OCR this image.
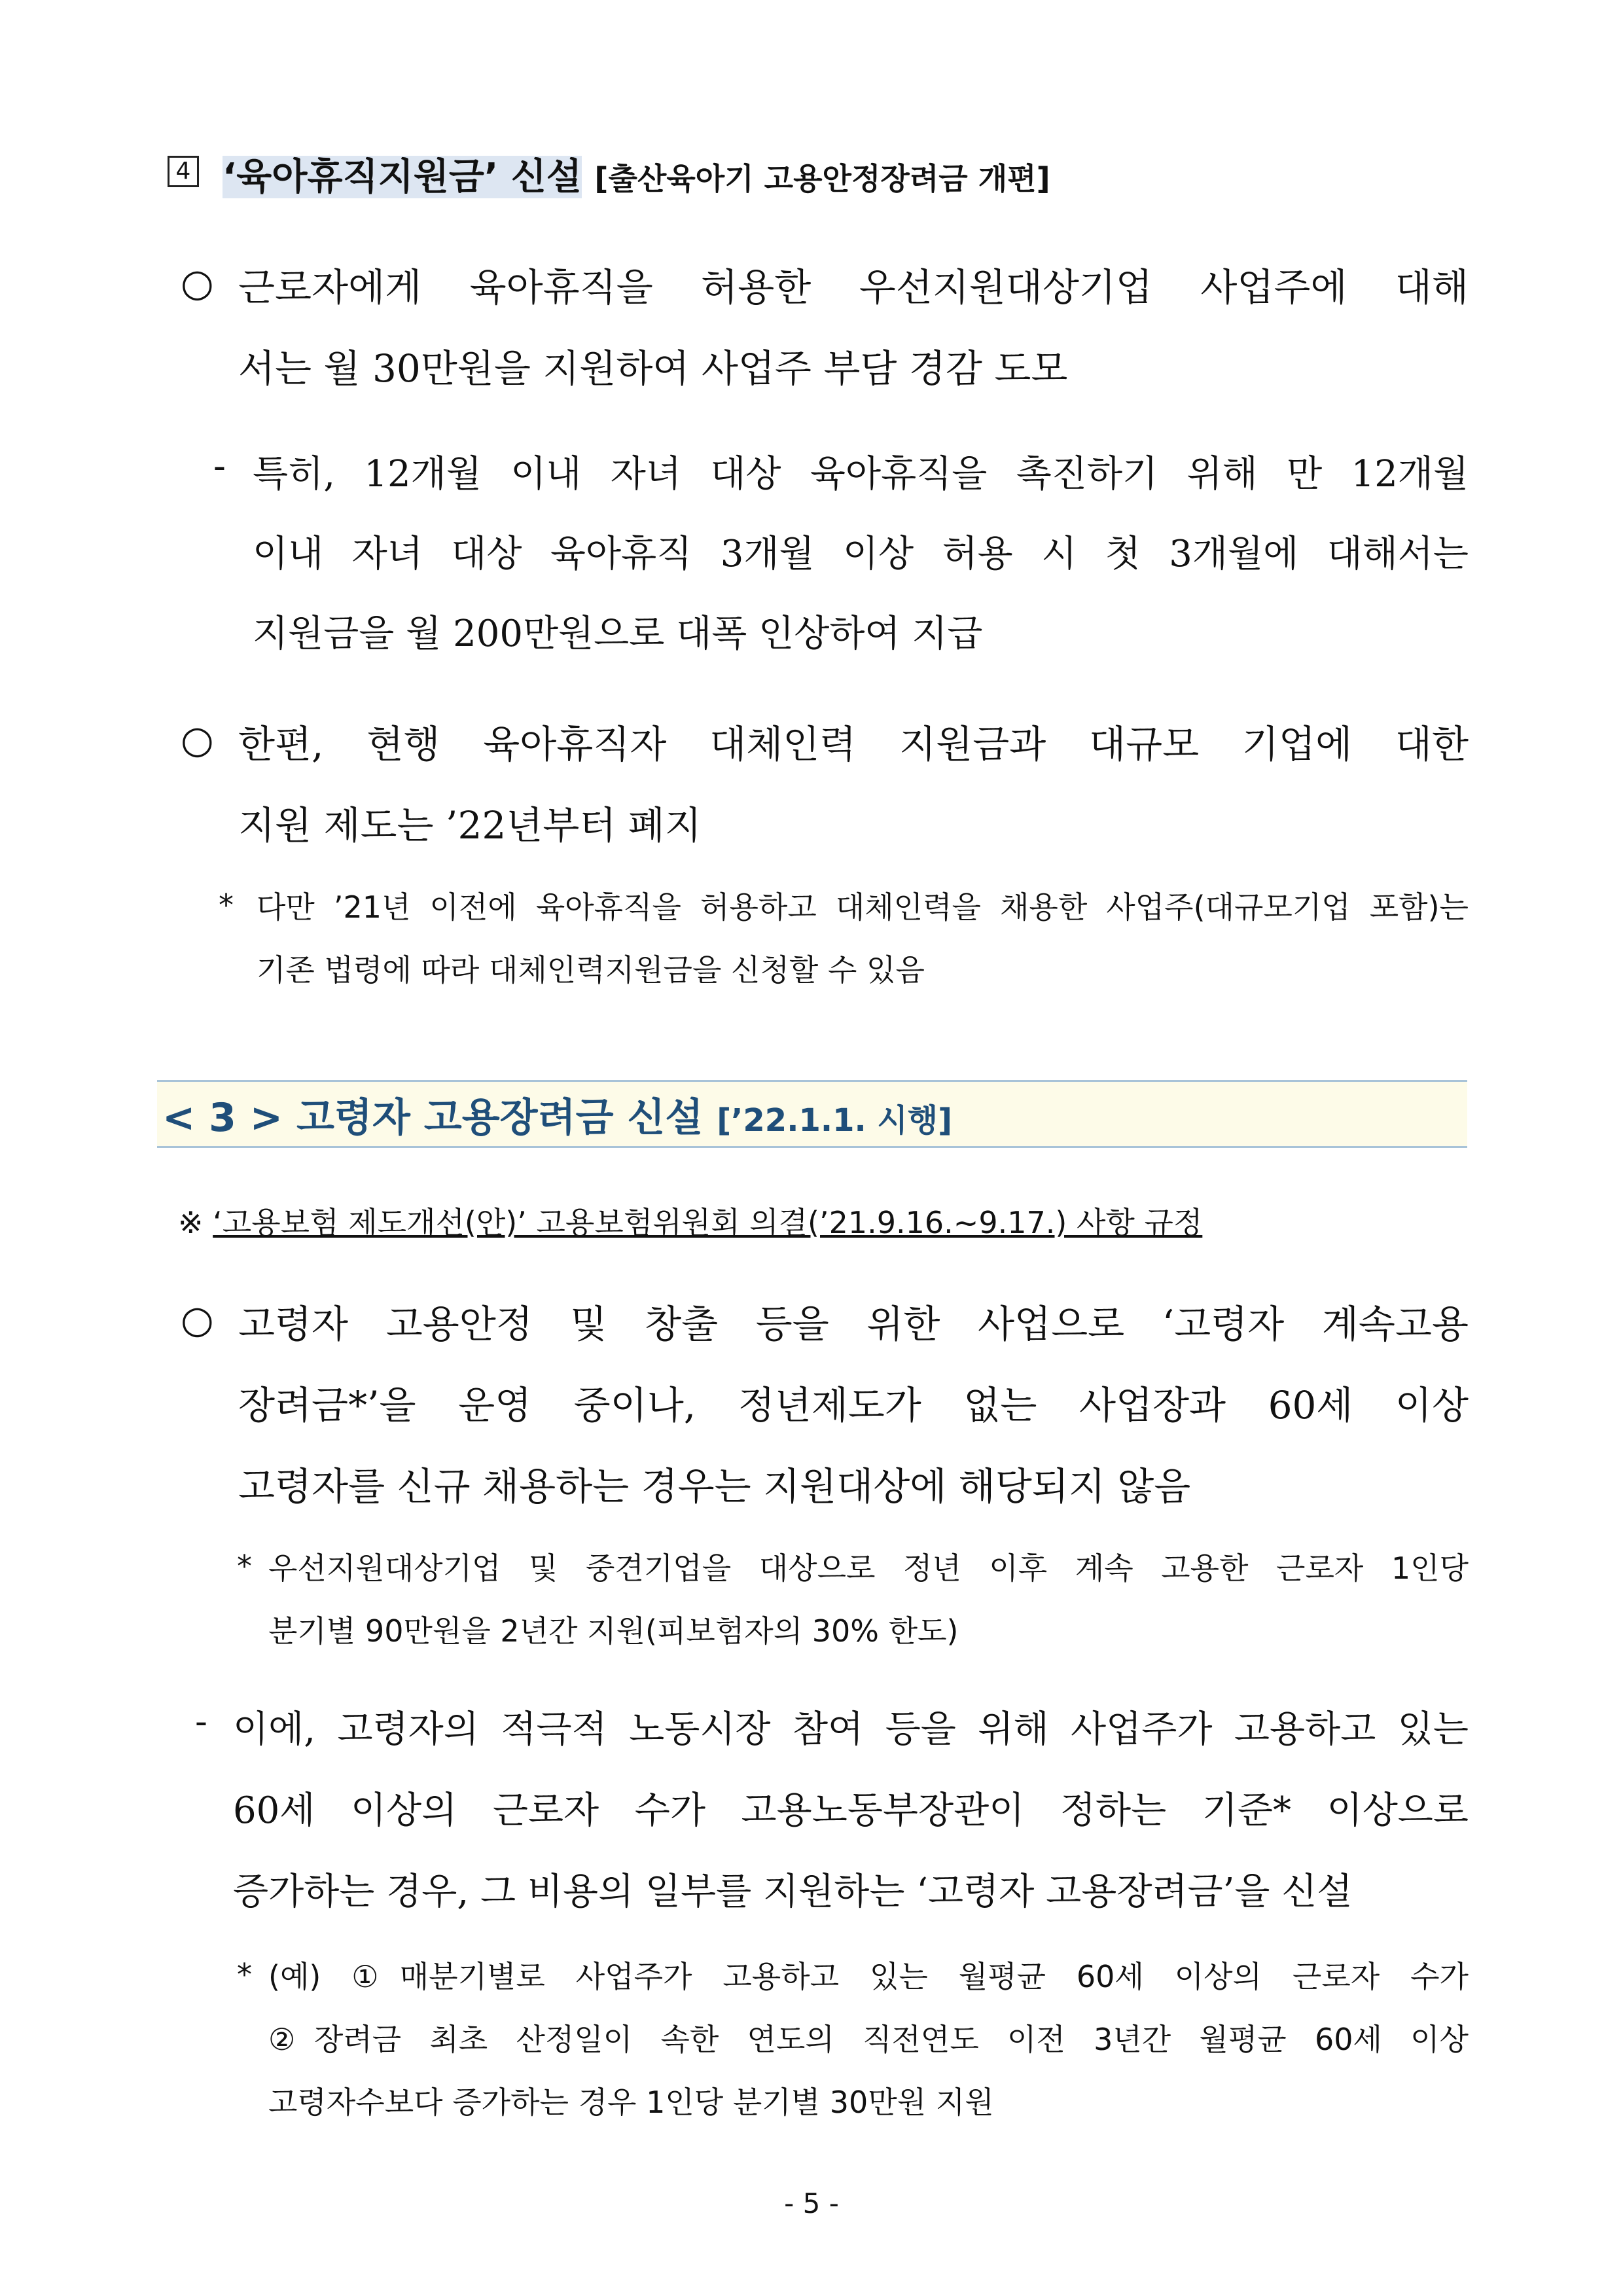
4 ‘육아휴직지원금’ 신설 [출산육아기 고용안정장려금 개편]
○ 근로자에게 육아휴직을 허용한 우선지원대상기업 사업주에 대해
서는 월 30만원을 지원하여 사업주 부담 경감 도모
- 특히, 12개월 이내 자녀 대상 육아휴직을 촉진하기 위해 만 12개월
이내 자녀 대상 육아휴직 3개월 이상 허용 시 첫 3개월에 대해서는
지원금을 월 200만원으로 대폭 인상하여 지급
○ 한편, 현행 육아휴직자 대체인력 지원금과 대규모 기업에 대한
지원 제도는 ’22년부터 폐지
* 다만 ’21년 이전에 육아휴직을 허용하고 대체인력을 채용한 사업주(대규모기업 포함)는
기존 법령에 따라 대체인력지원금을 신청할 수 있음
< 3 > 고령자 고용장려금 신설 [’22.1.1. 시행]
※ ‘고용보험 제도개선(안)’ 고용보험위원회 의결(’21.9.16.~9.17.) 사항 규정
○ 고령자 고용안정 및 창출 등을 위한 사업으로 ‘고령자 계속고용
장려금*’을 운영 중이나, 정년제도가 없는 사업장과 60세 이상
고령자를 신규 채용하는 경우는 지원대상에 해당되지 않음
* 우선지원대상기업 및 중견기업을 대상으로 정년 이후 계속 고용한 근로자 1인당
분기별 90만원을 2년간 지원(피보험자의 30% 한도)
- 이에, 고령자의 적극적 노동시장 참여 등을 위해 사업주가 고용하고 있는
60세 이상의 근로자 수가 고용노동부장관이 정하는 기준* 이상으로
증가하는 경우, 그 비용의 일부를 지원하는 ‘고령자 고용장려금’을 신설
* (예) ①매분기별로 사업주가 고용하고 있는 월평균 60세 이상의 근로자 수가
②장려금 최초 산정일이 속한 연도의 직전연도 이전 3년간 월평균 60세 이상
고령자수보다 증가하는 경우 1인당 분기별 30만원 지원
- 5 -
